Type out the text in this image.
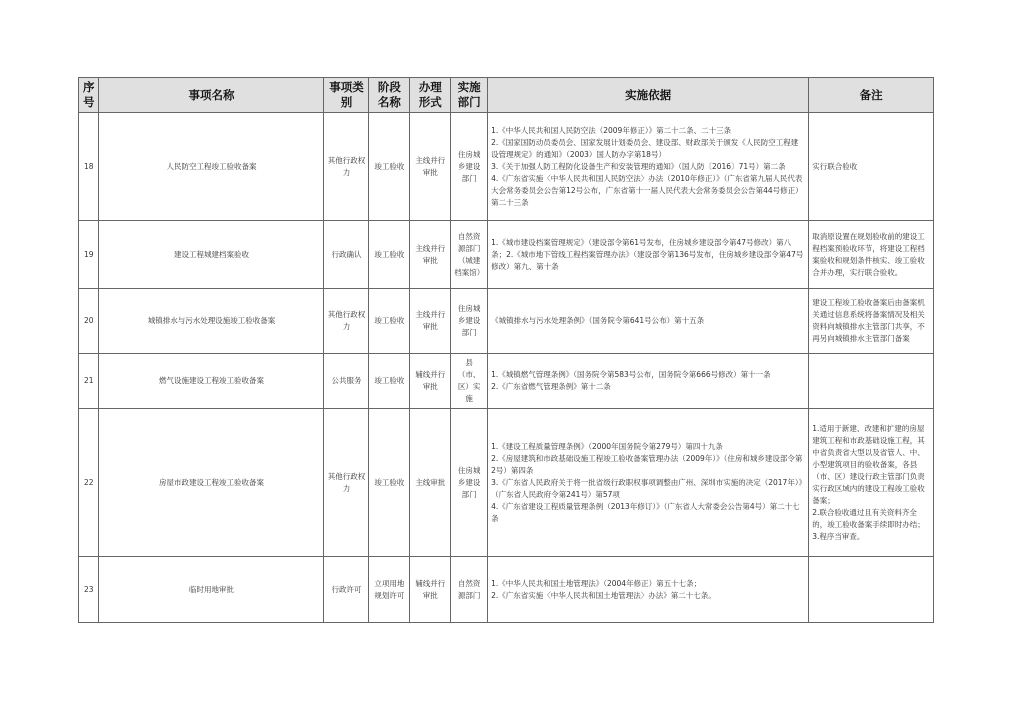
序号	事项名称	事项类别	阶段名称	办理形式	实施部门	实施依据	备注
18	人民防空工程竣工验收备案	其他行政权力	竣工验收	主线并行审批	住房城乡建设部门	1.《中华人民共和国人民防空法（2009年修正）》第二十二条、二十三条
2.《国家国防动员委员会、国家发展计划委员会、建设部、财政部关于颁发《人民防空工程建设管理规定》的通知》（2003）国人防办字第18号）
3.《关于加强人防工程防化设备生产和安装管理的通知》（国人防〔2016〕71号）第二条
4.《广东省实施〈中华人民共和国人民防空法〉办法（2010年修正）》（广东省第九届人民代表大会常务委员会公告第12号公布，广东省第十一届人民代表大会常务委员会公告第44号修正）第二十三条	实行联合验收

19	建设工程城建档案验收	行政确认	竣工验收	主线并行审批	自然资源部门（城建档案馆）	1.《城市建设档案管理规定》（建设部令第61号发布，住房城乡建设部令第47号修改）第八条；2.《城市地下管线工程档案管理办法》（建设部令第136号发布，住房城乡建设部令第47号修改）第九、第十条	取消原设置在规划验收前的建设工程档案预验收环节，将建设工程档案验收和规划条件核实、竣工验收合并办理，实行联合验收。

20	城镇排水与污水处理设施竣工验收备案	其他行政权力	竣工验收	主线并行审批	住房城乡建设部门	《城镇排水与污水处理条例》（国务院令第641号公布）第十五条	建设工程竣工验收备案后由备案机关通过信息系统将备案情况及相关资料向城镇排水主管部门共享，不再另向城镇排水主管部门备案

21	燃气设施建设工程竣工验收备案	公共服务	竣工验收	辅线并行审批	县（市、区）实施	1.《城镇燃气管理条例》（国务院令第583号公布，国务院令第666号修改）第十一条
2.《广东省燃气管理条例》第十二条	

22	房屋市政建设工程竣工验收备案	其他行政权力	竣工验收	主线审批	住房城乡建设部门	1.《建设工程质量管理条例》（2000年国务院令第279号）第四十九条
2.《房屋建筑和市政基础设施工程竣工验收备案管理办法（2009年）》（住房和城乡建设部令第2号）第四条
3.《广东省人民政府关于将一批省级行政职权事项调整由广州、深圳市实施的决定（2017年）》（广东省人民政府令第241号）第57项
4.《广东省建设工程质量管理条例（2013年修订）》（广东省人大常委会公告第4号）第二十七条	1.适用于新建、改建和扩建的房屋建筑工程和市政基础设施工程，其中省负责省大型以及省管人、中、小型建筑项目的验收备案，各县（市、区）建设行政主管部门负责实行政区域内的建设工程竣工验收备案；
2.联合验收通过且有关资料齐全的，竣工验收备案手续即时办结；
3.程序当审查。

23	临时用地审批	行政许可	立项用地规划许可	辅线并行审批	自然资源部门	1.《中华人民共和国土地管理法》（2004年修正）第五十七条；
2.《广东省实施〈中华人民共和国土地管理法〉办法》第二十七条。	
